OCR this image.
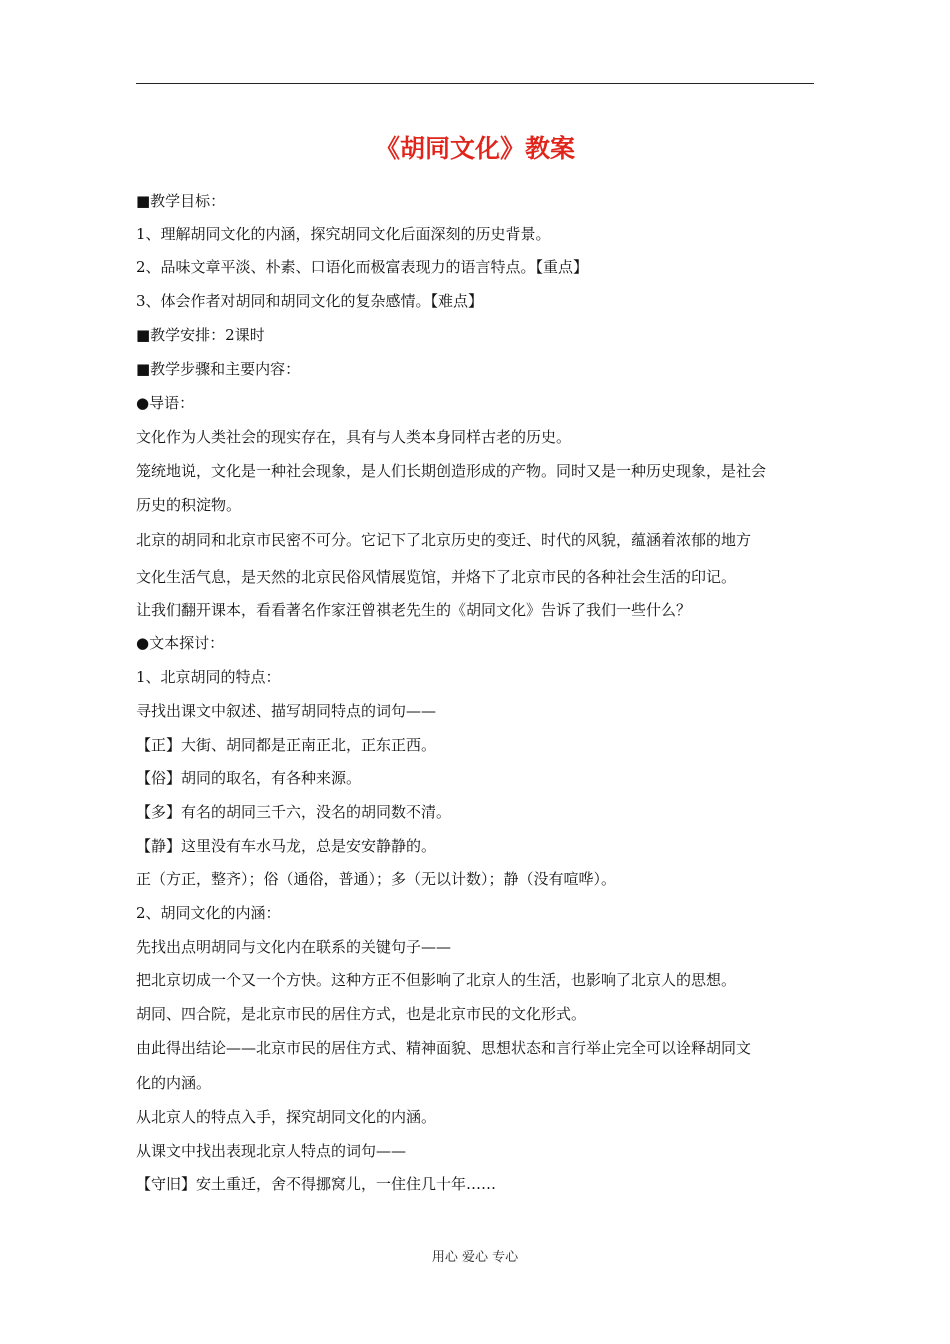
《胡同文化》教案

■教学目标：

1、理解胡同文化的内涵，探究胡同文化后面深刻的历史背景。

2、品味文章平淡、朴素、口语化而极富表现力的语言特点。【重点】

3、体会作者对胡同和胡同文化的复杂感情。【难点】

■教学安排：2课时

■教学步骤和主要内容：

●导语：

文化作为人类社会的现实存在，具有与人类本身同样古老的历史。

笼统地说，文化是一种社会现象，是人们长期创造形成的产物。同时又是一种历史现象，是社会

历史的积淀物。

北京的胡同和北京市民密不可分。它记下了北京历史的变迁、时代的风貌，蕴涵着浓郁的地方

文化生活气息，是天然的北京民俗风情展览馆，并烙下了北京市民的各种社会生活的印记。

让我们翻开课本，看看著名作家汪曾祺老先生的《胡同文化》告诉了我们一些什么？

●文本探讨：

1、北京胡同的特点：

寻找出课文中叙述、描写胡同特点的词句——

【正】大街、胡同都是正南正北，正东正西。

【俗】胡同的取名，有各种来源。

【多】有名的胡同三千六，没名的胡同数不清。

【静】这里没有车水马龙，总是安安静静的。

正（方正，整齐）；俗（通俗，普通）；多（无以计数）；静（没有喧哗）。

2、胡同文化的内涵：

先找出点明胡同与文化内在联系的关键句子——

把北京切成一个又一个方快。这种方正不但影响了北京人的生活，也影响了北京人的思想。

胡同、四合院，是北京市民的居住方式，也是北京市民的文化形式。

由此得出结论——北京市民的居住方式、精神面貌、思想状态和言行举止完全可以诠释胡同文

化的内涵。

从北京人的特点入手，探究胡同文化的内涵。

从课文中找出表现北京人特点的词句——

【守旧】安土重迁，舍不得挪窝儿，一住住几十年……

用心 爱心 专心
